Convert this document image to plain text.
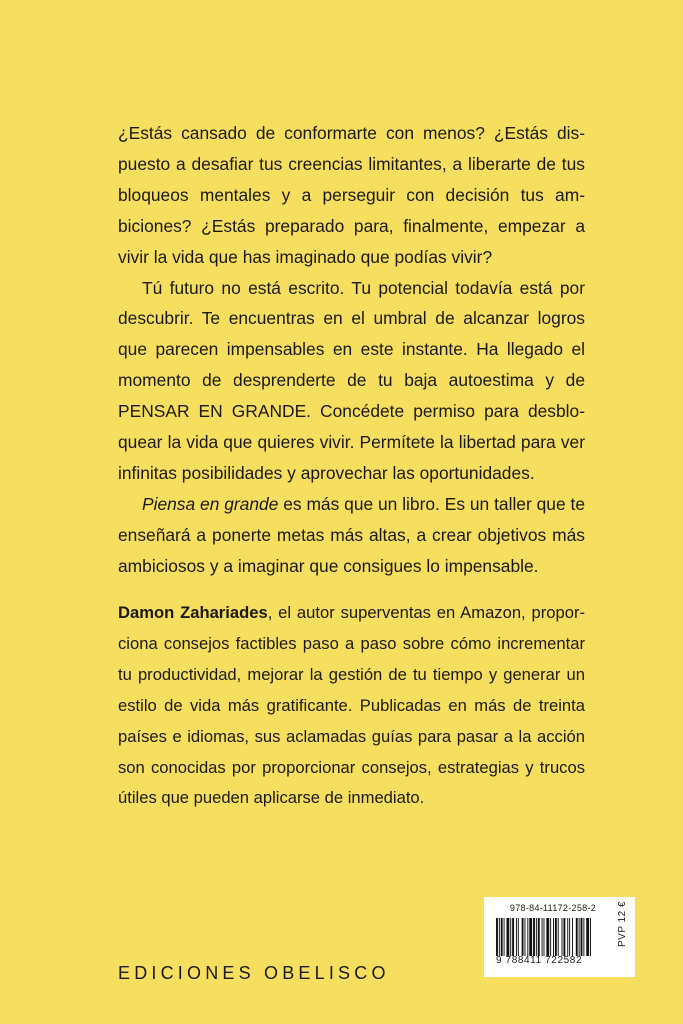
¿Estás cansado de conformarte con menos? ¿Estás dispuesto a desafiar tus creencias limitantes, a liberarte de tus bloqueos mentales y a perseguir con decisión tus ambiciones? ¿Estás preparado para, finalmente, empezar a vivir la vida que has imaginado que podías vivir?

Tú futuro no está escrito. Tu potencial todavía está por descubrir. Te encuentras en el umbral de alcanzar logros que parecen impensables en este instante. Ha llegado el momento de desprenderte de tu baja autoestima y de PENSAR EN GRANDE. Concédete permiso para desbloquear la vida que quieres vivir. Permítete la libertad para ver infinitas posibilidades y aprovechar las oportunidades.

Piensa en grande es más que un libro. Es un taller que te enseñará a ponerte metas más altas, a crear objetivos más ambiciosos y a imaginar que consigues lo impensable.

Damon Zahariades, el autor superventas en Amazon, proporciona consejos factibles paso a paso sobre cómo incrementar tu productividad, mejorar la gestión de tu tiempo y generar un estilo de vida más gratificante. Publicadas en más de treinta países e idiomas, sus aclamadas guías para pasar a la acción son conocidas por proporcionar consejos, estrategias y trucos útiles que pueden aplicarse de inmediato.

EDICIONES OBELISCO
978-84-11172-258-2
9 788411 722582
PVP 12 €
